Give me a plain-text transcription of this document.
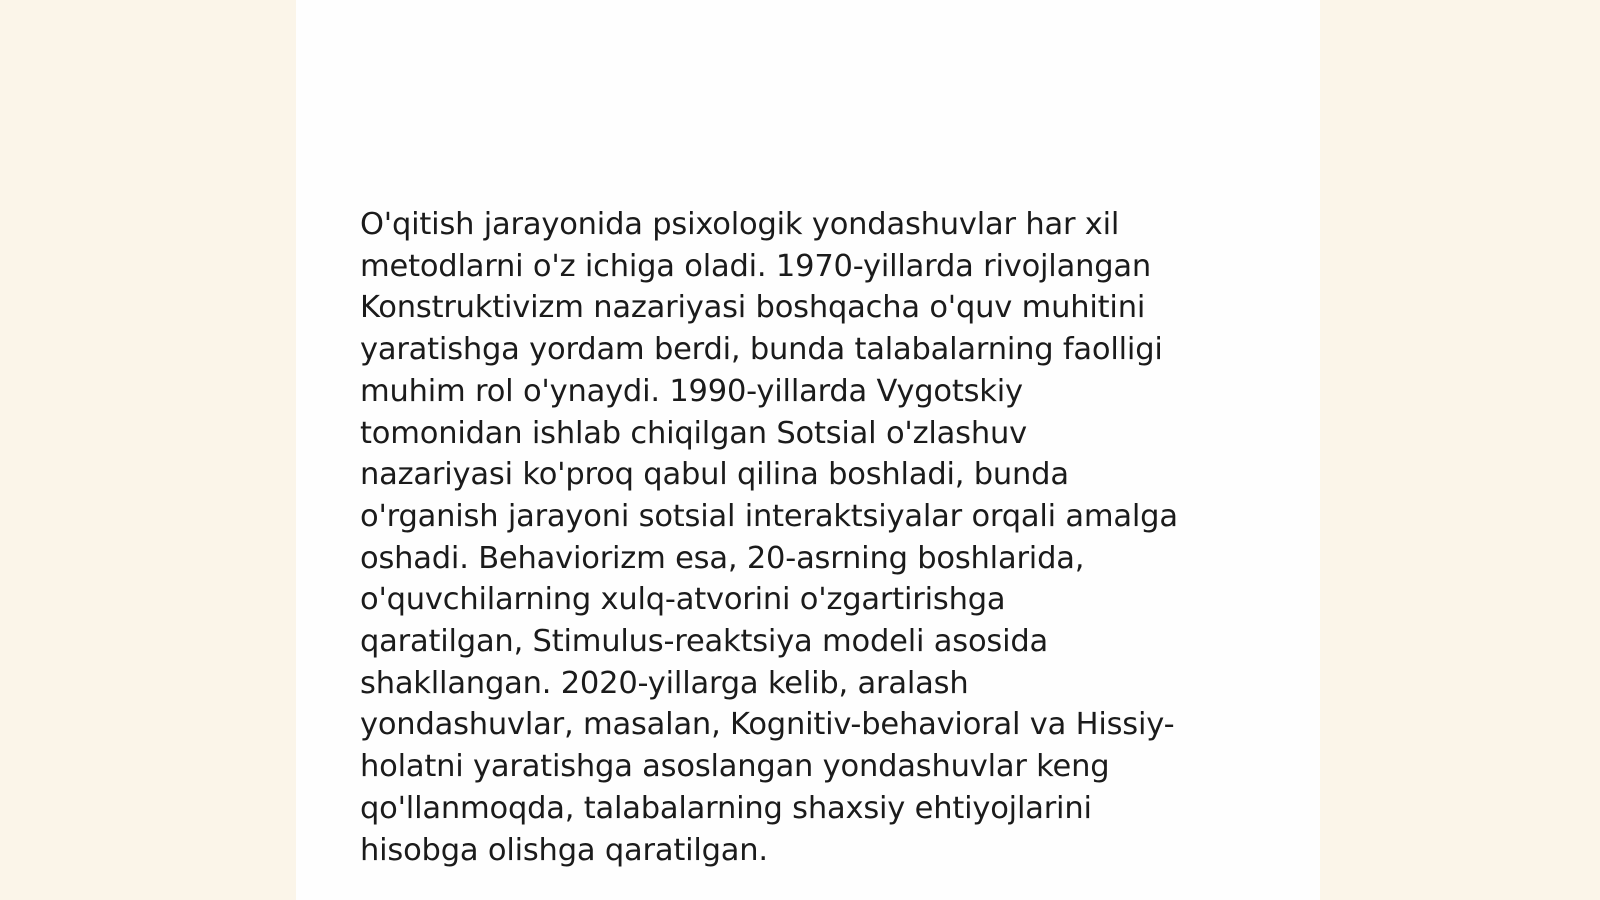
O'qitish jarayonida psixologik yondashuvlar har xil
metodlarni o'z ichiga oladi. 1970-yillarda rivojlangan
Konstruktivizm nazariyasi boshqacha o'quv muhitini
yaratishga yordam berdi, bunda talabalarning faolligi
muhim rol o'ynaydi. 1990-yillarda Vygotskiy
tomonidan ishlab chiqilgan Sotsial o'zlashuv
nazariyasi ko'proq qabul qilina boshladi, bunda
o'rganish jarayoni sotsial interaktsiyalar orqali amalga
oshadi. Behaviorizm esa, 20-asrning boshlarida,
o'quvchilarning xulq-atvorini o'zgartirishga
qaratilgan, Stimulus-reaktsiya modeli asosida
shakllangan. 2020-yillarga kelib, aralash
yondashuvlar, masalan, Kognitiv-behavioral va Hissiy-
holatni yaratishga asoslangan yondashuvlar keng
qo'llanmoqda, talabalarning shaxsiy ehtiyojlarini
hisobga olishga qaratilgan.
